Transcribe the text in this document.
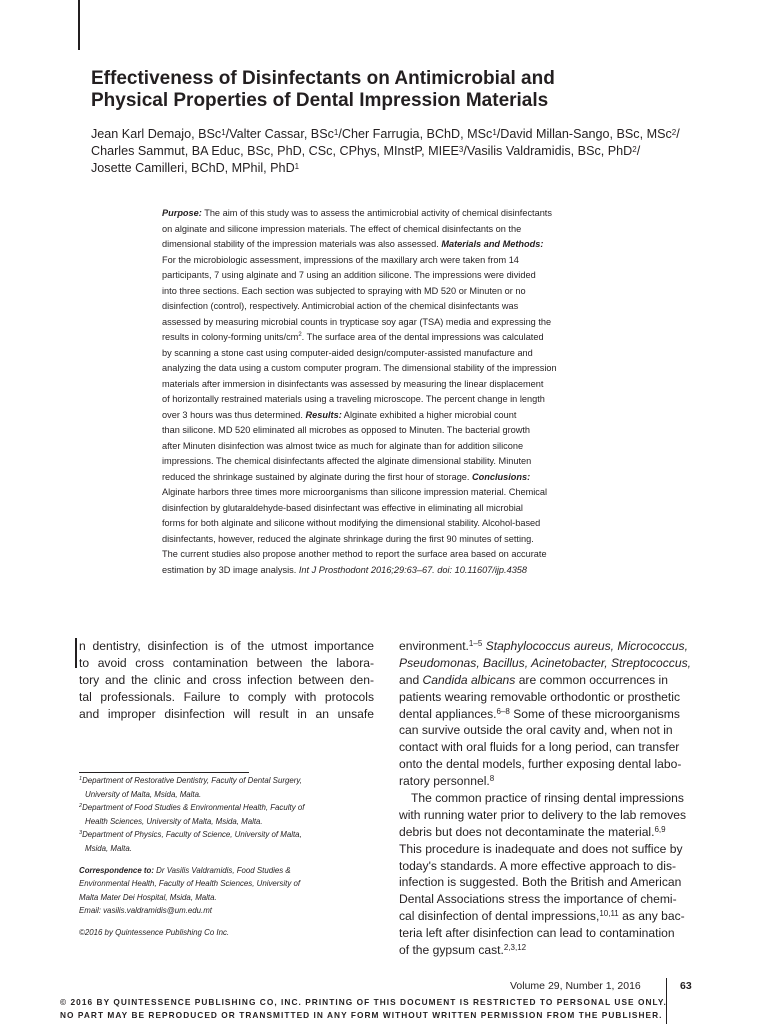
Effectiveness of Disinfectants on Antimicrobial and
Physical Properties of Dental Impression Materials
Jean Karl Demajo, BSc$^1$/Valter Cassar, BSc$^1$/Cher Farrugia, BChD, MSc$^1$/David Millan-Sango, BSc, MSc$^2$/
Charles Sammut, BA Educ, BSc, PhD, CSc, CPhys, MInstP, MIEE$^3$/Vasilis Valdramidis, BSc, PhD$^2$/
Josette Camilleri, BChD, MPhil, PhD$^1$
Purpose: The aim of this study was to assess the antimicrobial activity of chemical disinfectants
on alginate and silicone impression materials. The effect of chemical disinfectants on the
dimensional stability of the impression materials was also assessed. Materials and Methods:
For the microbiologic assessment, impressions of the maxillary arch were taken from 14
participants, 7 using alginate and 7 using an addition silicone. The impressions were divided
into three sections. Each section was subjected to spraying with MD 520 or Minuten or no
disinfection (control), respectively. Antimicrobial action of the chemical disinfectants was
assessed by measuring microbial counts in trypticase soy agar (TSA) media and expressing the
results in colony-forming units/$cm^2$. The surface area of the dental impressions was calculated
by scanning a stone cast using computer-aided design/computer-assisted manufacture and
analyzing the data using a custom computer program. The dimensional stability of the impression
materials after immersion in disinfectants was assessed by measuring the linear displacement
of horizontally restrained materials using a traveling microscope. The percent change in length
over 3 hours was thus determined. Results: Alginate exhibited a higher microbial count
than silicone. MD 520 eliminated all microbes as opposed to Minuten. The bacterial growth
after Minuten disinfection was almost twice as much for alginate than for addition silicone
impressions. The chemical disinfectants affected the alginate dimensional stability. Minuten
reduced the shrinkage sustained by alginate during the first hour of storage. Conclusions:
Alginate harbors three times more microorganisms than silicone impression material. Chemical
disinfection by glutaraldehyde-based disinfectant was effective in eliminating all microbial
forms for both alginate and silicone without modifying the dimensional stability. Alcohol-based
disinfectants, however, reduced the alginate shrinkage during the first 90 minutes of setting.
The current studies also propose another method to report the surface area based on accurate
estimation by 3D image analysis. Int J Prosthodont 2016;29:63–67. doi: 10.11607/ijp.4358
n dentistry, disinfection is of the utmost importance
to avoid cross contamination between the labora-
tory and the clinic and cross infection between den-
tal professionals. Failure to comply with protocols
and improper disinfection will result in an unsafe
$^1$Department of Restorative Dentistry, Faculty of Dental Surgery,
University of Malta, Msida, Malta.
$^2$Department of Food Studies & Environmental Health, Faculty of
Health Sciences, University of Malta, Msida, Malta.
$^3$Department of Physics, Faculty of Science, University of Malta,
Msida, Malta.
Correspondence to: Dr Vasilis Valdramidis, Food Studies &
Environmental Health, Faculty of Health Sciences, University of
Malta Mater Dei Hospital, Msida, Malta.
Email: vasilis.valdramidis@um.edu.mt
©2016 by Quintessence Publishing Co Inc.
environment.$^{1-5}$ Staphylococcus aureus, Micrococcus,
Pseudomonas, Bacillus, Acinetobacter, Streptococcus,
and Candida albicans are common occurrences in
patients wearing removable orthodontic or prosthetic
dental appliances.$^{6-8}$ Some of these microorganisms
can survive outside the oral cavity and, when not in
contact with oral fluids for a long period, can transfer
onto the dental models, further exposing dental labo-
ratory personnel.$^8$
The common practice of rinsing dental impressions
with running water prior to delivery to the lab removes
debris but does not decontaminate the material.$^{6,9}$
This procedure is inadequate and does not suffice by
today's standards. A more effective approach to dis-
infection is suggested. Both the British and American
Dental Associations stress the importance of chemi-
cal disinfection of dental impressions,$^{10,11}$ as any bac-
teria left after disinfection can lead to contamination
of the gypsum cast.$^{2,3,12}$
Volume 29, Number 1, 2016	63
© 2016 BY QUINTESSENCE PUBLISHING CO, INC. PRINTING OF THIS DOCUMENT IS RESTRICTED TO PERSONAL USE ONLY.
NO PART MAY BE REPRODUCED OR TRANSMITTED IN ANY FORM WITHOUT WRITTEN PERMISSION FROM THE PUBLISHER.
